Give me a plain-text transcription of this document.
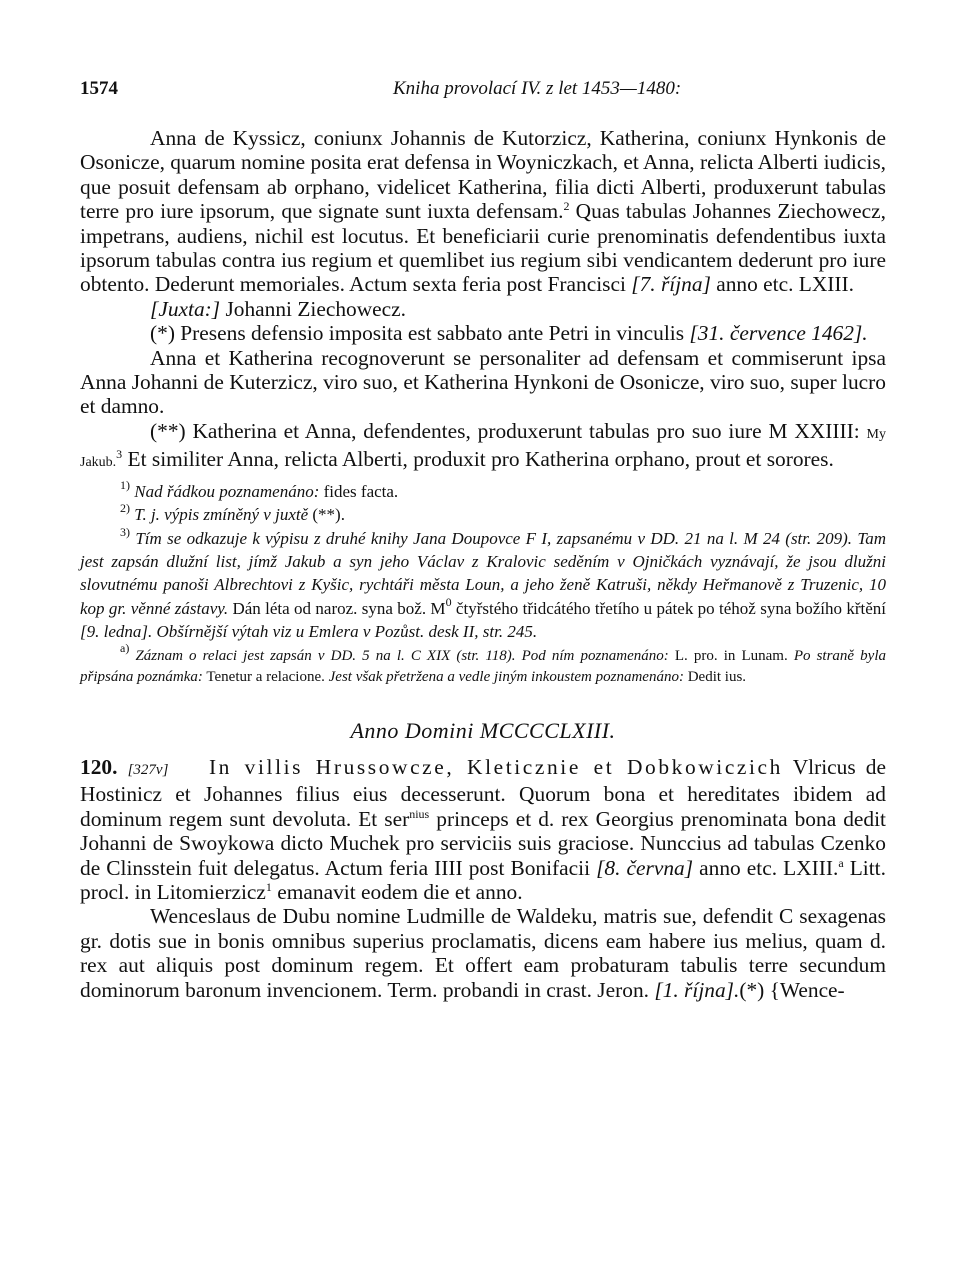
1574	Kniha provolací IV. z let 1453—1480:

Anna de Kyssicz, coniunx Johannis de Kutorzicz, Katherina, coniunx Hynkonis de Osonicze, quarum nomine posita erat defensa in Woyniczkach, et Anna, relicta Alberti iudicis, que posuit defensam ab orphano, videlicet Katherina, filia dicti Alberti, produxerunt tabulas terre pro iure ipsorum, que signate sunt iuxta defensam.$^2$ Quas tabulas Johannes Ziechowecz, impetrans, audiens, nichil est locutus. Et beneficiarii curie prenominatis defendentibus iuxta ipsorum tabulas contra ius regium et quemlibet ius regium sibi vendicantem dederunt pro iure obtento. Dederunt memoriales. Actum sexta feria post Francisci [7. října] anno etc. LXIII.

[Juxta:] Johanni Ziechowecz.

(*) Presens defensio imposita est sabbato ante Petri in vinculis [31. července 1462].

Anna et Katherina recognoverunt se personaliter ad defensam et commiserunt ipsa Anna Johanni de Kuterzicz, viro suo, et Katherina Hynkoni de Osonicze, viro suo, super lucro et damno.

(**) Katherina et Anna, defendentes, produxerunt tabulas pro suo iure M XXIIII: My Jakub.$^3$ Et similiter Anna, relicta Alberti, produxit pro Katherina orphano, prout et sorores.

$^{1)}$ Nad řádkou poznamenáno: fides facta.

$^{2)}$ T. j. výpis zmíněný v juxtě (**).

$^{3)}$ Tím se odkazuje k výpisu z druhé knihy Jana Doupovce F I, zapsanému v DD. 21 na l. M 24 (str. 209). Tam jest zapsán dlužní list, jímž Jakub a syn jeho Václav z Kralovic seděním v Ojničkách vyznávají, že jsou dlužni slovutnému panoši Albrechtovi z Kyšic, rychtáři města Loun, a jeho ženě Katruši, někdy Heřmanově z Truzenic, 10 kop gr. věnné zástavy. Dán léta od naroz. syna bož. $M^0$ čtyřstého třidcátého třetího u pátek po téhož syna božího křtění [9. ledna]. Obšírnější výtah viz u Emlera v Pozůst. desk II, str. 245.

$^{a)}$ Záznam o relaci jest zapsán v DD. 5 na l. C XIX (str. 118). Pod ním poznamenáno: L. pro. in Lunam. Po straně byla připsána poznámka: Tenetur a relacione. Jest však přetržena a vedle jiným inkoustem poznamenáno: Dedit ius.

Anno Domini MCCCCLXIII.

120. [327v] In villis Hrussowcze, Kleticznie et Dobkowiczich Vlricus de Hostinicz et Johannes filius eius decesserunt. Quorum bona et hereditates ibidem ad dominum regem sunt devoluta. Et ser$^{nius}$ princeps et d. rex Georgius prenominata bona dedit Johanni de Swoykowa dicto Muchek pro serviciis suis graciose. Nunccius ad tabulas Czenko de Clinsstein fuit delegatus. Actum feria IIII post Bonifacii [8. června] anno etc. LXIII.$^a$ Litt. procl. in Litomierzicz$^1$ emanavit eodem die et anno.

Wenceslaus de Dubu nomine Ludmille de Waldeku, matris sue, defendit C sexagenas gr. dotis sue in bonis omnibus superius proclamatis, dicens eam habere ius melius, quam d. rex aut aliquis post dominum regem. Et offert eam probaturam tabulis terre secundum dominorum baronum invencionem. Term. probandi in crast. Jeron. [1. října].(*) {Wence-
